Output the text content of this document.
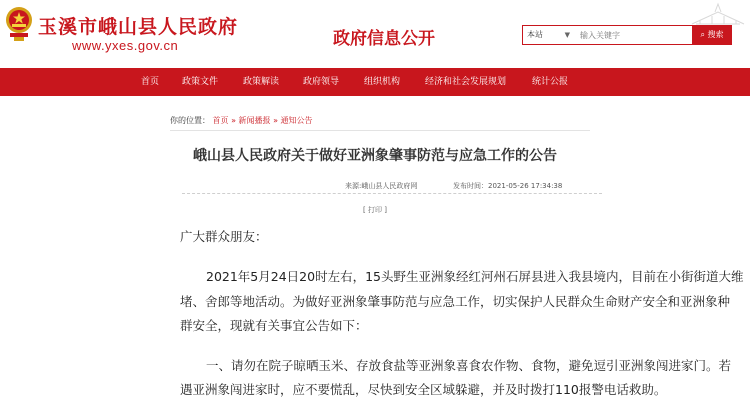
玉溪市峨山县人民政府
www.yxes.gov.cn	政府信息公开	本站	▼
输入关键字	⌕ 搜索
首页	政策文件	政策解读	政府领导	组织机构	经济和社会发展规划	统计公报
你的位置： 首页 » 新闻播报 » 通知公告
峨山县人民政府关于做好亚洲象肇事防范与应急工作的公告
来源:峨山县人民政府网	发布时间：2021-05-26 17:34:38
[ 打印 ]
广大群众朋友：
2021年5月24日20时左右，15头野生亚洲象经红河州石屏县进入我县境内，目前在小街街道大维
堵、舍郎等地活动。为做好亚洲象肇事防范与应急工作，切实保护人民群众生命财产安全和亚洲象种
群安全，现就有关事宜公告如下：
一、请勿在院子晾晒玉米、存放食盐等亚洲象喜食农作物、食物，避免逗引亚洲象闯进家门。若
遇亚洲象闯进家时，应不要慌乱，尽快到安全区域躲避，并及时拨打110报警电话救助。
